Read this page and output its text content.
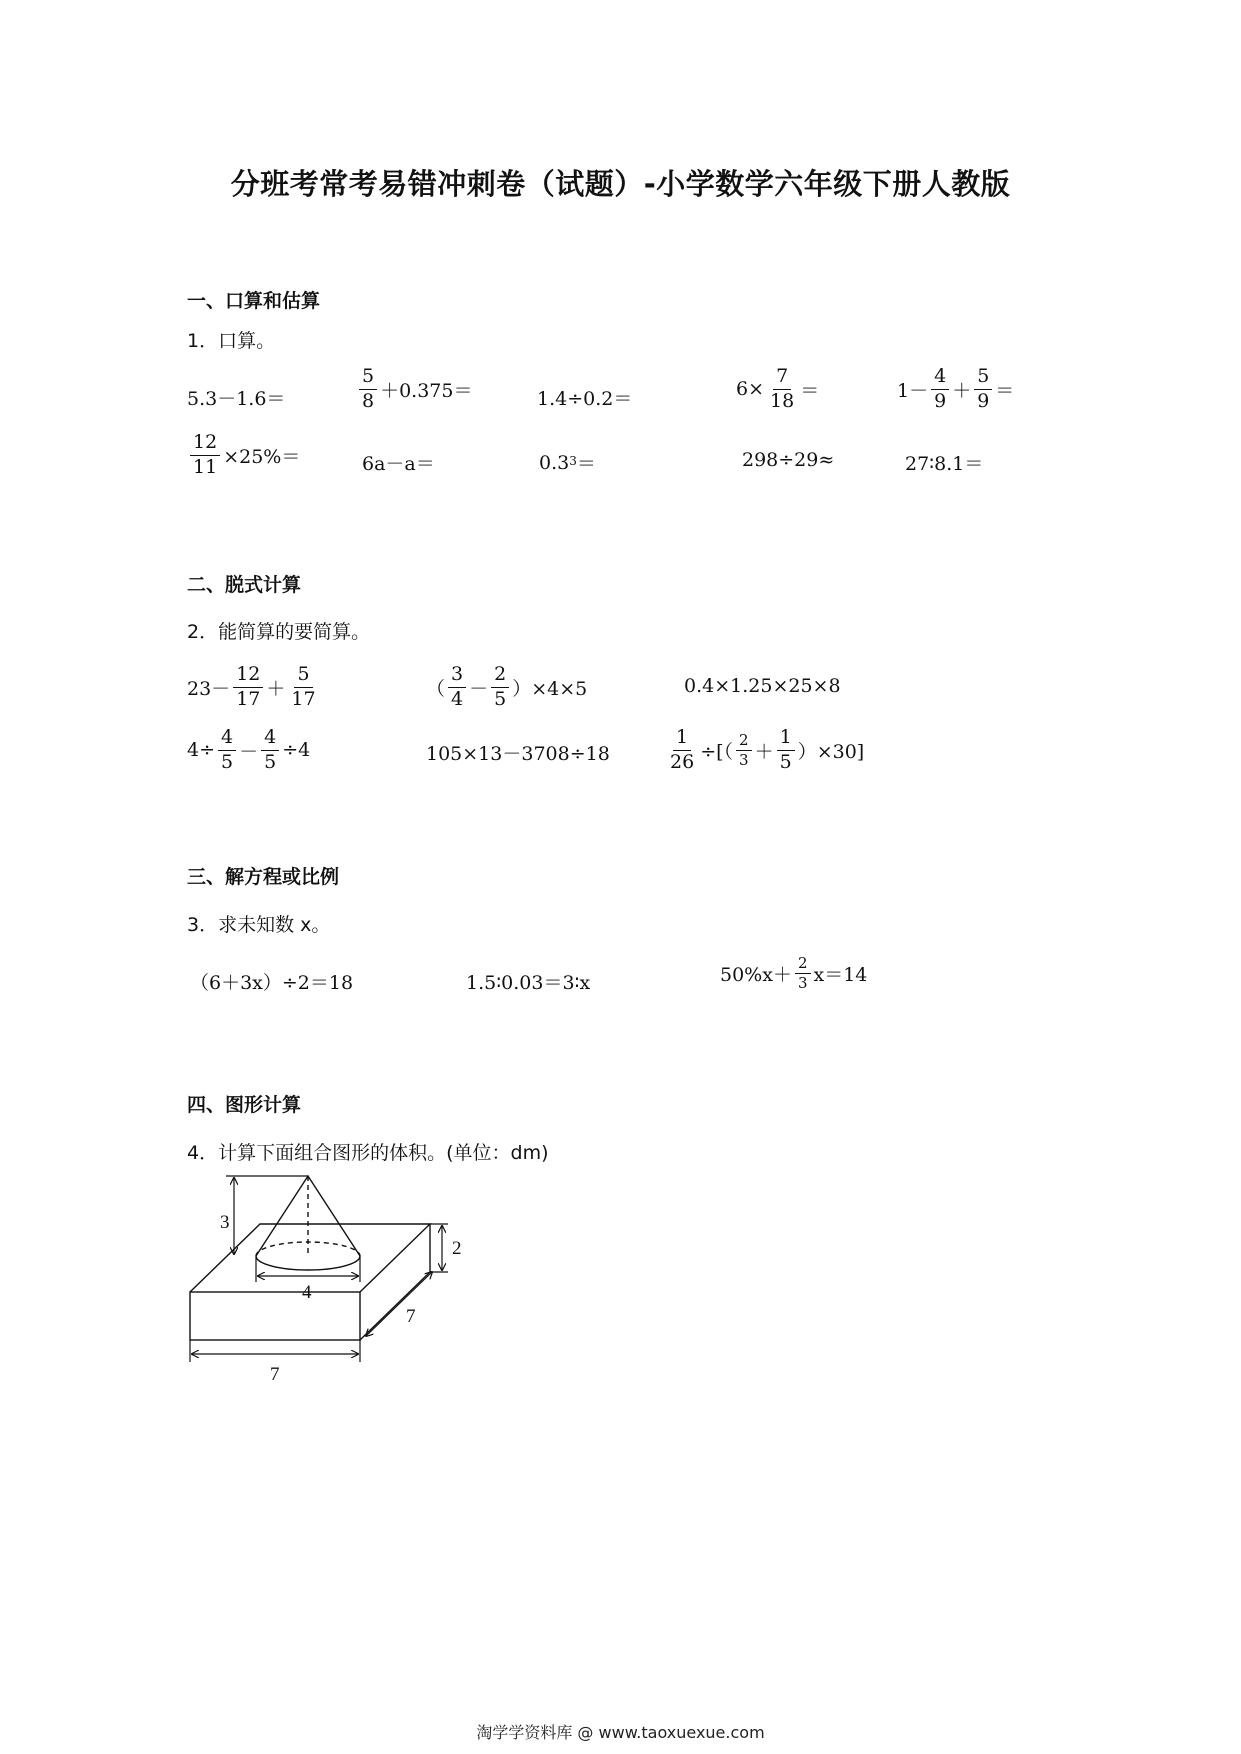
分班考常考易错冲刺卷（试题）-小学数学六年级下册人教版
一、口算和估算
1．口算。
5.3－1.6＝	$\frac{5}{8} +0.375=$	1.4÷0.2＝	$6\times \frac{7}{18}$ ＝	$1- \frac{4}{9} + \frac{5}{9}$ ＝
$\frac{12}{11} \times 25\%=$	6a－a＝	$0.3^3$ ＝	298÷29≈	27∶8.1＝
二、脱式计算
2．能简算的要简算。
$23- \frac{12}{17} + \frac{5}{17}$	（ $\frac{3}{4} - \frac{2}{5} )\times 4\times 5$	0.4×1.25×25×8
$4\div \frac{4}{5} - \frac{4}{5} \div 4$	105×13－3708÷18	$\frac{1}{26}$ ÷[（ $\frac{2}{3} + \frac{1}{5} )\times 30$]
三、解方程或比例
3．求未知数 x。
（6＋3x）÷2＝18	1.5∶0.03＝3∶x	$50\%x+ \frac{2}{3} x=14$
四、图形计算
4．计算下面组合图形的体积。(单位：dm)
3
2
4
7
7
淘学学资料库 @ www.taoxuexue.com
